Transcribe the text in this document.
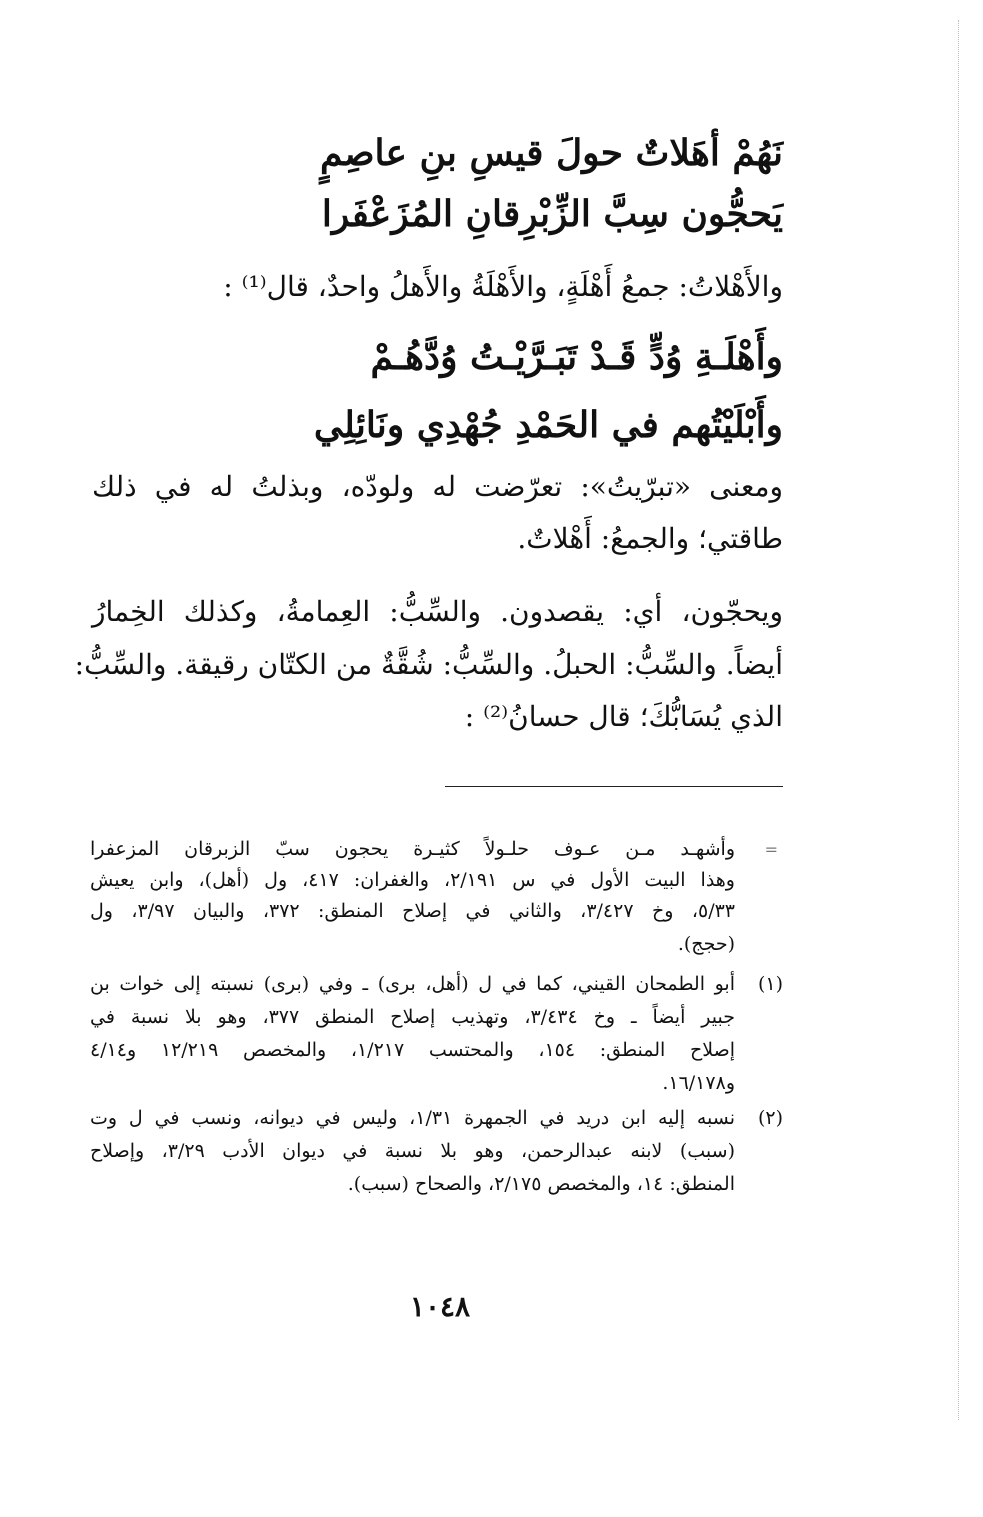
نَهُمْ أهَلاتٌ حولَ قيسِ بنِ عاصِمٍ
يَحجُّون سِبَّ الزِّبْرِقانِ المُزَعْفَرا
والأَهْلاتُ: جمعُ أَهْلَةٍ، والأَهْلَةُ والأَهلُ واحدٌ، قال⁽¹⁾ :
وأَهْلَـةِ وُدٍّ قَـدْ تَبَـرَّيْـتُ وُدَّهُـمْ
وأَبْلَيْتُهم في الحَمْدِ جُهْدِي ونَائِلِي
ومعنى «تبرّيتُ»: تعرّضت له ولودّه، وبذلتُ له في ذلك
طاقتي؛ والجمعُ: أَهْلاتٌ.
ويحجّون، أي: يقصدون. والسِّبُّ: العِمامةُ، وكذلك الخِمارُ
أيضاً. والسِّبُّ: الحبلُ. والسِّبُّ: شُقَّةٌ من الكتّان رقيقة. والسِّبُّ:
الذي يُسَابُّكَ؛ قال حسانُ⁽²⁾ :
=
وأشهـد مـن عـوف حلـولاً كثيـرة يحجون سبّ الزبرقان المزعفرا
وهذا البيت الأول في س ٢/١٩١، والغفران: ٤١٧، ول (أهل)، وابن يعيش
٥/٣٣، وخ ٣/٤٢٧، والثاني في إصلاح المنطق: ٣٧٢، والبيان ٣/٩٧، ول
(حجج).
(١)
أبو الطمحان القيني، كما في ل (أهل، برى) ـ وفي (برى) نسبته إلى خوات بن
جبير أيضاً ـ وخ ٣/٤٣٤، وتهذيب إصلاح المنطق ٣٧٧، وهو بلا نسبة في
إصلاح المنطق: ١٥٤، والمحتسب ١/٢١٧، والمخصص ١٢/٢١٩ و٤/١٤
و١٦/١٧٨.
(٢)
نسبه إليه ابن دريد في الجمهرة ١/٣١، وليس في ديوانه، ونسب في ل وت
(سبب) لابنه عبدالرحمن، وهو بلا نسبة في ديوان الأدب ٣/٢٩، وإصلاح
المنطق: ١٤، والمخصص ٢/١٧٥، والصحاح (سبب).
١٠٤٨
